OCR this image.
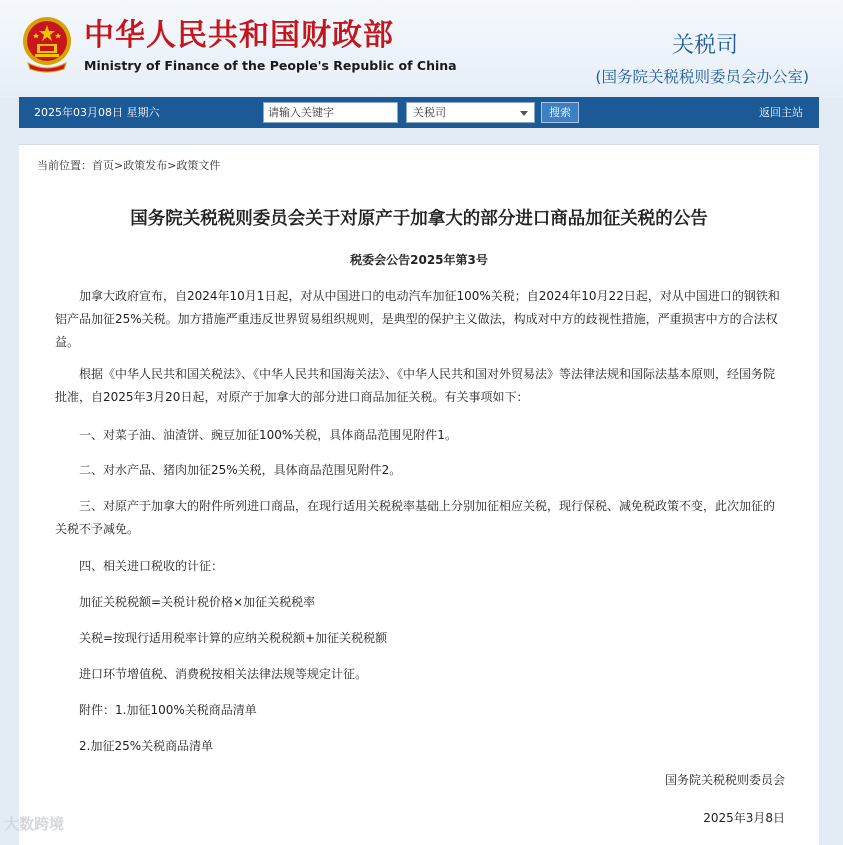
中华人民共和国财政部
Ministry of Finance of the People's Republic of China
关税司
(国务院关税税则委员会办公室)
2025年03月08日 星期六	请输入关键字	关税司	搜索	返回主站
当前位置：首页>政策发布>政策文件
国务院关税税则委员会关于对原产于加拿大的部分进口商品加征关税的公告
税委会公告2025年第3号

加拿大政府宣布，自2024年10月1日起，对从中国进口的电动汽车加征100%关税；自2024年10月22日起，对从中国进口的钢铁和铝产品加征25%关税。加方措施严重违反世界贸易组织规则，是典型的保护主义做法，构成对中方的歧视性措施，严重损害中方的合法权益。

根据《中华人民共和国关税法》、《中华人民共和国海关法》、《中华人民共和国对外贸易法》等法律法规和国际法基本原则，经国务院批准，自2025年3月20日起，对原产于加拿大的部分进口商品加征关税。有关事项如下：

一、对菜子油、油渣饼、豌豆加征100%关税，具体商品范围见附件1。

二、对水产品、猪肉加征25%关税，具体商品范围见附件2。

三、对原产于加拿大的附件所列进口商品，在现行适用关税税率基础上分别加征相应关税，现行保税、减免税政策不变，此次加征的关税不予减免。

四、相关进口税收的计征：

加征关税税额=关税计税价格×加征关税税率

关税=按现行适用税率计算的应纳关税税额+加征关税税额

进口环节增值税、消费税按相关法律法规等规定计征。

附件：1.加征100%关税商品清单

2.加征25%关税商品清单

国务院关税税则委员会
2025年3月8日
大数跨境
